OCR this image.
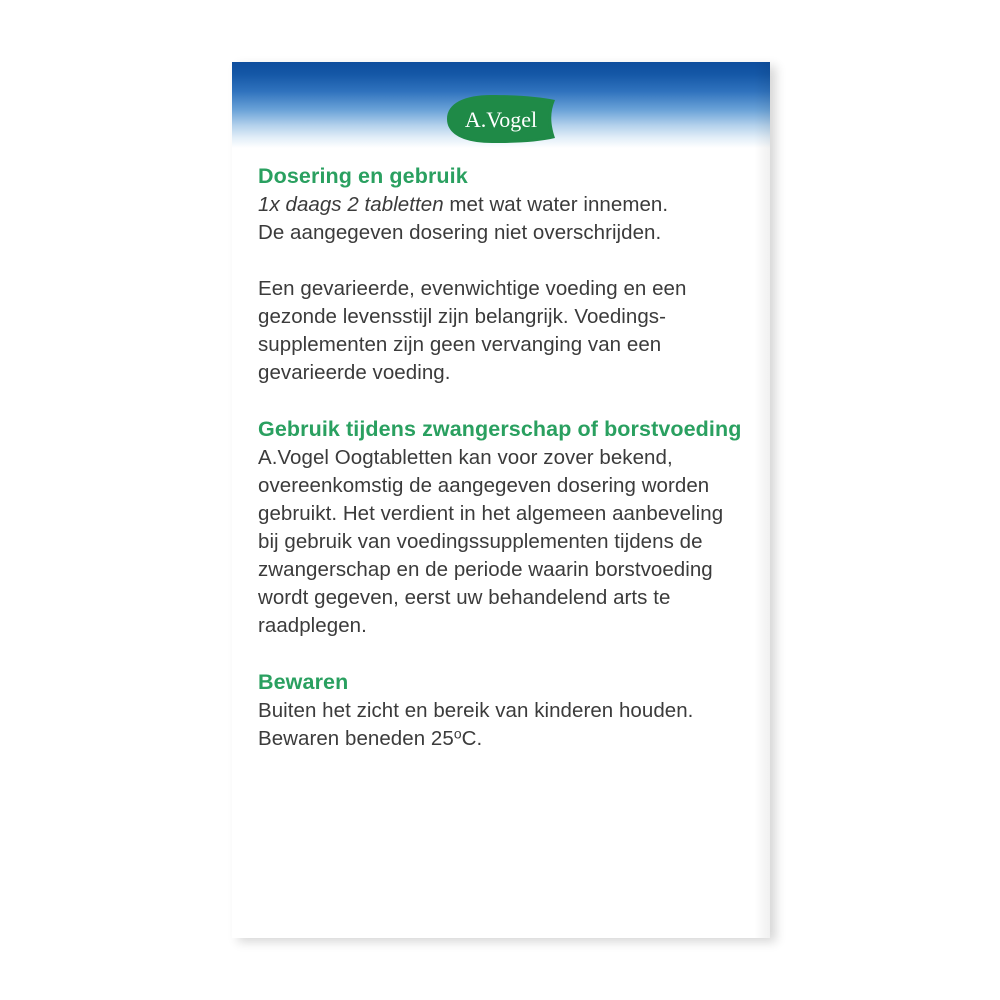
A.Vogel

Dosering en gebruik

1x daags 2 tabletten met wat water innemen.

De aangegeven dosering niet overschrijden.

Een gevarieerde, evenwichtige voeding en een gezonde levensstijl zijn belangrijk. Voedings-supplementen zijn geen vervanging van een gevarieerde voeding.

Gebruik tijdens zwangerschap of borstvoeding

A.Vogel Oogtabletten kan voor zover bekend, overeenkomstig de aangegeven dosering worden gebruikt. Het verdient in het algemeen aanbeveling bij gebruik van voedingssupplementen tijdens de zwangerschap en de periode waarin borstvoeding wordt gegeven, eerst uw behandelend arts te raadplegen.

Bewaren

Buiten het zicht en bereik van kinderen houden.

Bewaren beneden 25$^o$C.
